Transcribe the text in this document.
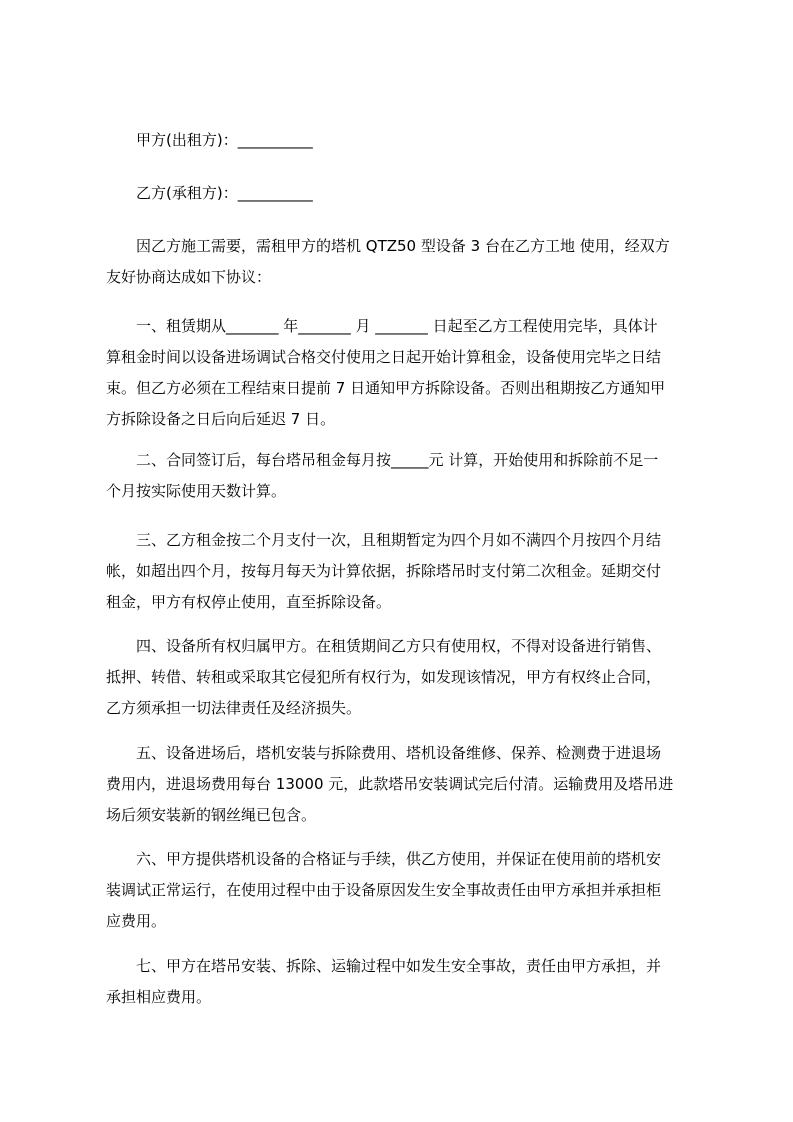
甲方(出租方)：__________

乙方(承租方)：__________

因乙方施工需要，需租甲方的塔机 QTZ50 型设备 3 台在乙方工地 使用，经双方
友好协商达成如下协议：

一、租赁期从_______ 年_______ 月 _______ 日起至乙方工程使用完毕，具体计
算租金时间以设备进场调试合格交付使用之日起开始计算租金，设备使用完毕之日结
束。但乙方必须在工程结束日提前 7 日通知甲方拆除设备。否则出租期按乙方通知甲
方拆除设备之日后向后延迟 7 日。

二、合同签订后，每台塔吊租金每月按_____元 计算，开始使用和拆除前不足一
个月按实际使用天数计算。

三、乙方租金按二个月支付一次，且租期暂定为四个月如不满四个月按四个月结
帐，如超出四个月，按每月每天为计算依据，拆除塔吊时支付第二次租金。延期交付
租金，甲方有权停止使用，直至拆除设备。

四、设备所有权归属甲方。在租赁期间乙方只有使用权，不得对设备进行销售、
抵押、转借、转租或采取其它侵犯所有权行为，如发现该情况，甲方有权终止合同，
乙方须承担一切法律责任及经济损失。

五、设备进场后，塔机安装与拆除费用、塔机设备维修、保养、检测费于进退场
费用内，进退场费用每台 13000 元，此款塔吊安装调试完后付清。运输费用及塔吊进
场后须安装新的钢丝绳已包含。

六、甲方提供塔机设备的合格证与手续，供乙方使用，并保证在使用前的塔机安
装调试正常运行，在使用过程中由于设备原因发生安全事故责任由甲方承担并承担柜
应费用。

七、甲方在塔吊安装、拆除、运输过程中如发生安全事故，责任由甲方承担，并
承担相应费用。
